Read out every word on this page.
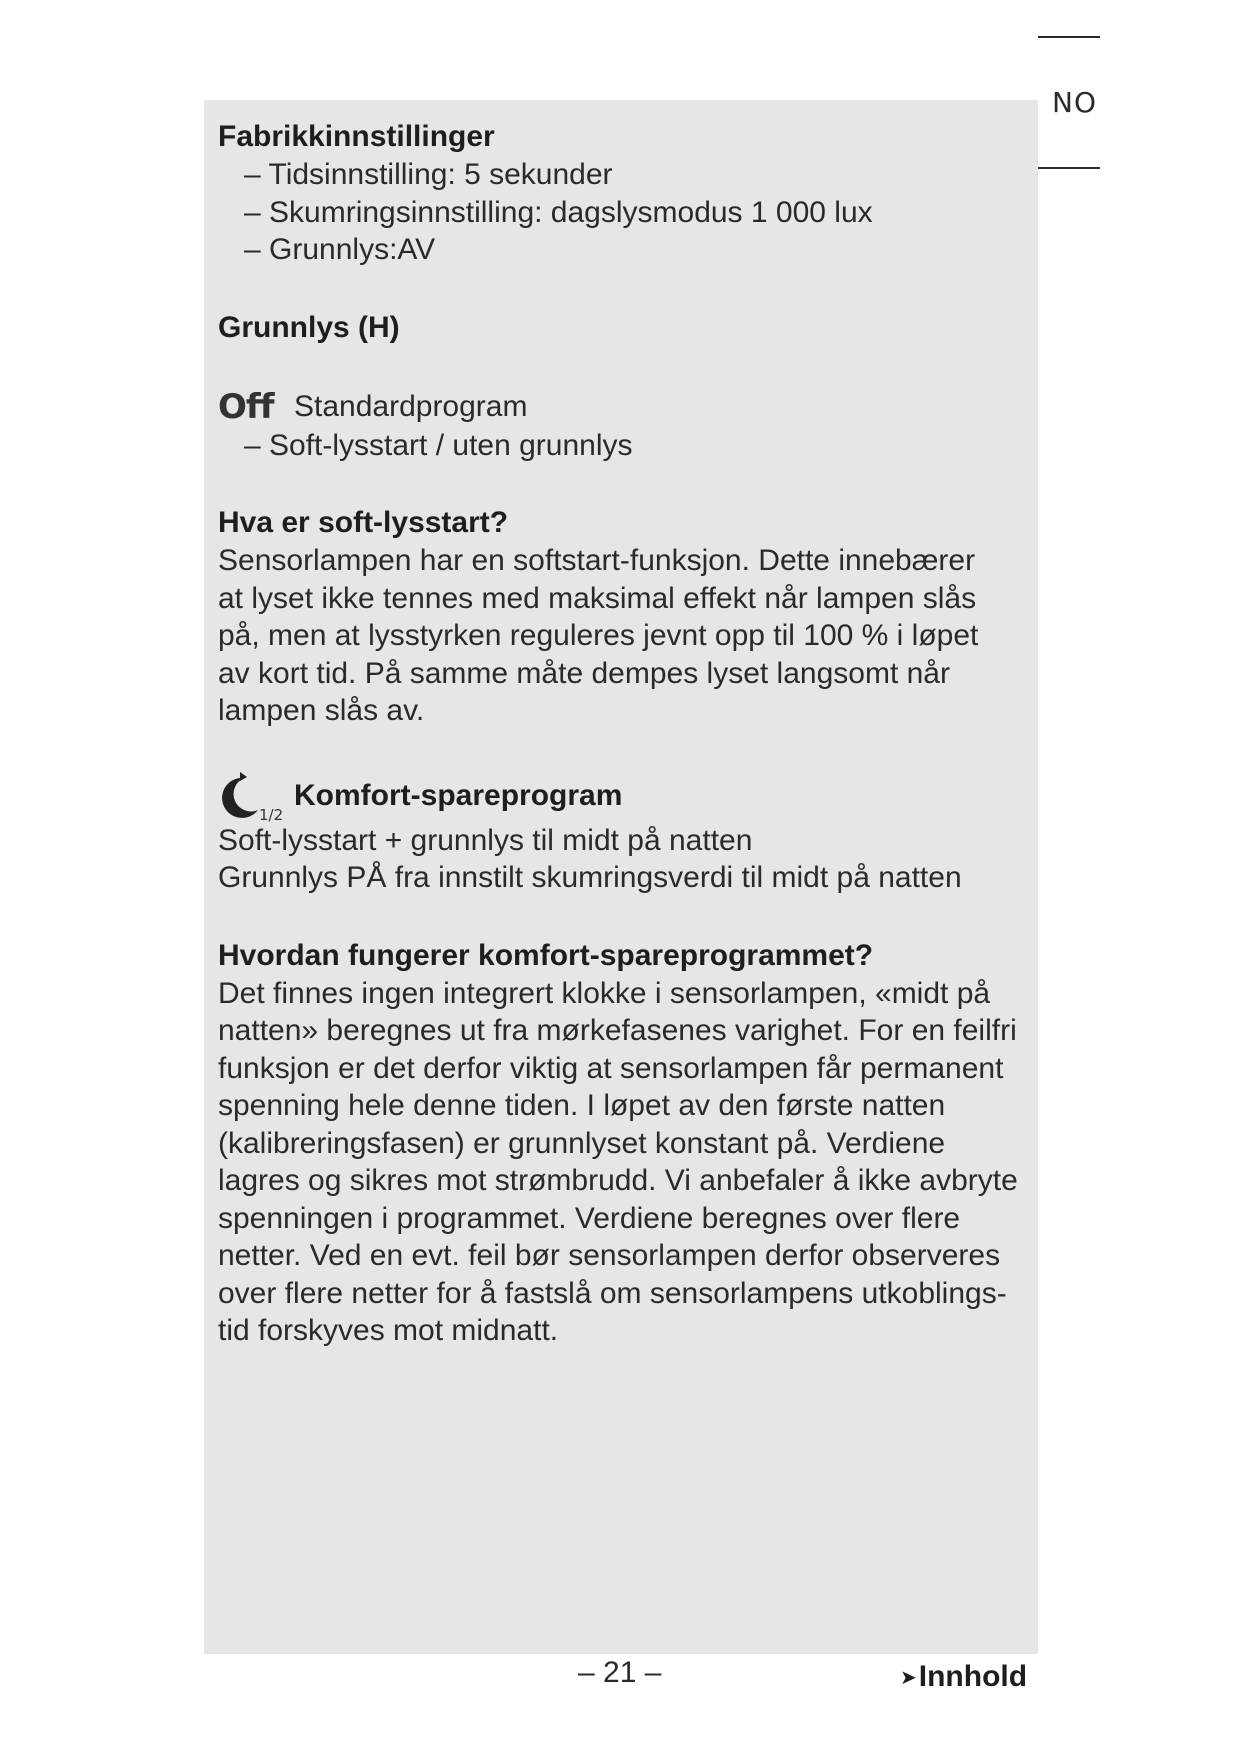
NO
Fabrikkinnstillinger
– Tidsinnstilling: 5 sekunder
– Skumringsinnstilling: dagslysmodus 1 000 lux
– Grunnlys:AV
Grunnlys (H)
Off Standardprogram

– Soft-lysstart / uten grunnlys
Hva er soft-lysstart?

Sensorlampen har en softstart-funksjon. Dette innebærer

at lyset ikke tennes med maksimal effekt når lampen slås

på, men at lysstyrken reguleres jevnt opp til 100 % i løpet

av kort tid. På samme måte dempes lyset langsomt når

lampen slås av.

1/2
Komfort-spareprogram

Soft-lysstart + grunnlys til midt på natten

Grunnlys PÅ fra innstilt skumringsverdi til midt på natten

Hvordan fungerer komfort-spareprogrammet?

Det finnes ingen integrert klokke i sensorlampen, «midt på

natten» beregnes ut fra mørkefasenes varighet. For en feilfri

funksjon er det derfor viktig at sensorlampen får permanent

spenning hele denne tiden. I løpet av den første natten

(kalibreringsfasen) er grunnlyset konstant på. Verdiene

lagres og sikres mot strømbrudd. Vi anbefaler å ikke avbryte

spenningen i programmet. Verdiene beregnes over flere

netter. Ved en evt. feil bør sensorlampen derfor observeres

over flere netter for å fastslå om sensorlampens utkoblings-

tid forskyves mot midnatt.

– 21 –	➤ Innhold
